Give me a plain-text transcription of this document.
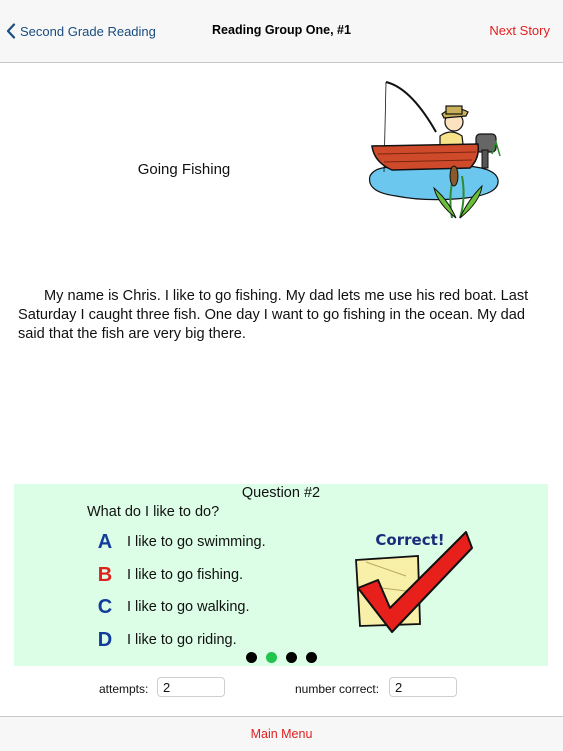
Second Grade Reading	Reading Group One, #1	Next Story
Going Fishing
My name is Chris. I like to go fishing. My dad lets me use his red boat. Last Saturday I caught three fish. One day I want to go fishing in the ocean. My dad said that the fish are very big there.
Question #2
What do I like to do?
A I like to go swimming.
B I like to go fishing.
C I like to go walking.
D I like to go riding.
Correct!
attempts:	2	number correct:	2
Main Menu
